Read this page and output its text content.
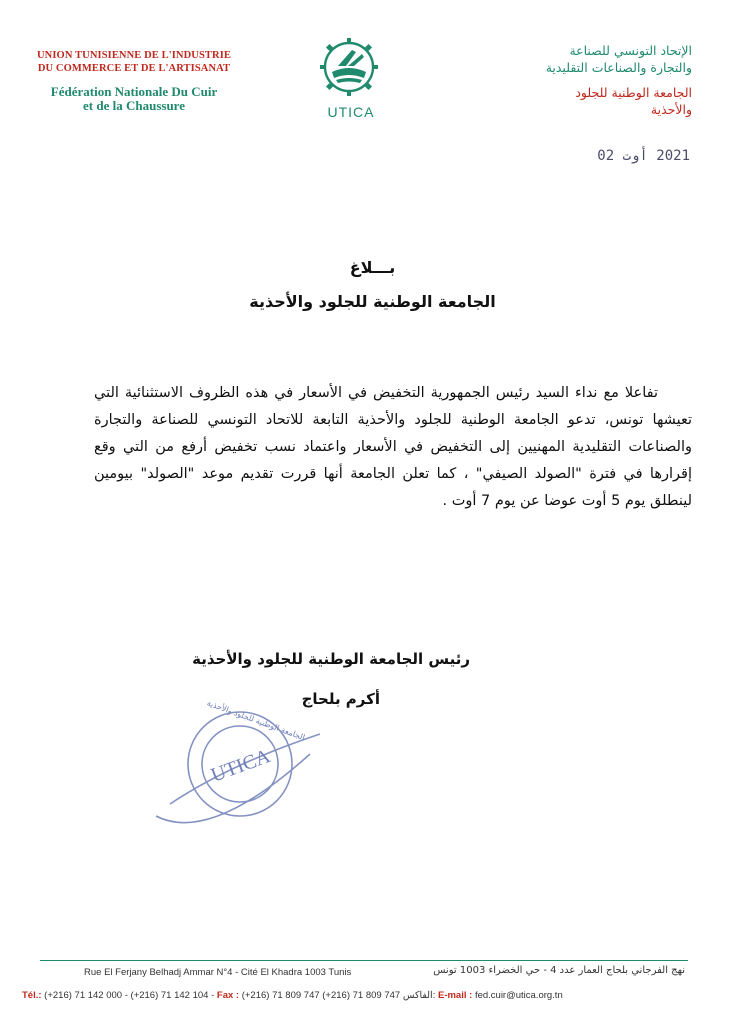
UNION TUNISIENNE DE L'INDUSTRIE
DU COMMERCE ET DE L'ARTISANAT
Fédération Nationale Du Cuir
et de la Chaussure	UTICA
الإتحاد التونسي للصناعة
والتجارة والصناعات التقليدية
الجامعة الوطنية للجلود
والأحذية
2021 أوت 02
بـــلاغ
الجامعة الوطنية للجلود والأحذية

تفاعلا مع نداء السيد رئيس الجمهورية التخفيض في الأسعار في هذه الظروف الاستثنائية التي تعيشها تونس، تدعو الجامعة الوطنية للجلود والأحذية التابعة للاتحاد التونسي للصناعة والتجارة والصناعات التقليدية المهنيين إلى التخفيض في الأسعار واعتماد نسب تخفيض أرفع من التي وقع إقرارها في فترة "الصولد الصيفي" ، كما تعلن الجامعة أنها قررت تقديم موعد "الصولد" بيومين لينطلق يوم 5 أوت عوضا عن يوم 7 أوت .

UTICA
الجامعة الوطنية للجلود والأحذية
رئيس الجامعة الوطنية للجلود والأحذية
أكرم بلحاج
Rue El Ferjany Belhadj Ammar N°4 - Cité El Khadra 1003 Tunis	نهج الفرجاني بلحاج العمار عدد 4 - حي الخضراء 1003 تونس
Tél.: (+216) 71 142 000 - (+216) 71 142 104 - Fax : (+216) 71 809 747 (+216) 71 809 747 الفاكس: E-mail : fed.cuir@utica.org.tn
